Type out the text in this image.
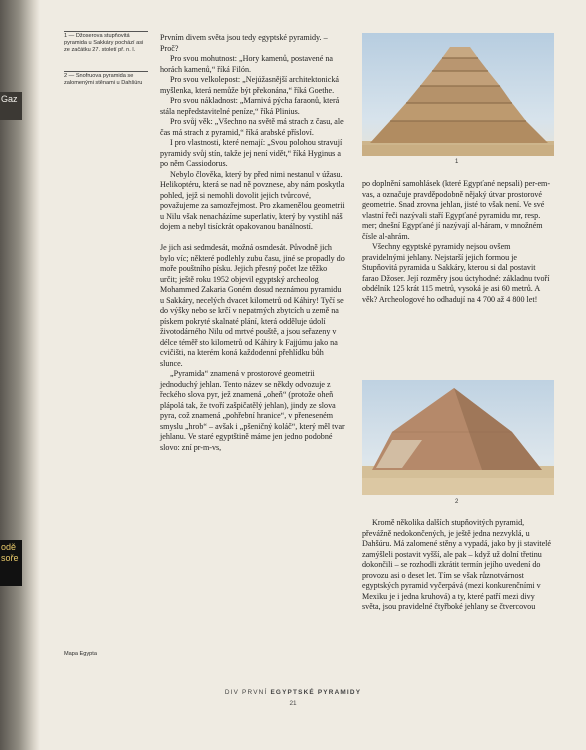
Gaz
odě
soře
1 — Džoserova stupňovitá pyramida u Sakkáry pochází asi ze začátku 27. století př. n. l.
2 — Snofruova pyramida se zalomenými stěnami u Dahšúru
Mapa Egypta

Prvním divem světa jsou tedy egyptské pyramidy. – Proč?

Pro svou mohutnost: „Hory kamenů, postavené na horách kamenů,“ říká Filón.

Pro svou velkolepost: „Nejúžasnější architektonická myšlenka, která nemůže být překonána,“ říká Goethe.

Pro svou nákladnost: „Marnivá pýcha faraonů, která stála nepředstavitelné peníze,“ říká Plinius.

Pro svůj věk: „Všechno na světě má strach z času, ale čas má strach z pyramid,“ říká arabské přísloví.

I pro vlastnosti, které nemají: „Svou polohou stravují pyramidy svůj stín, takže jej není vidět,“ říká Hyginus a po něm Cassiodorus.

Nebylo člověka, který by před nimi nestanul v úžasu. Helikoptéru, která se nad ně povznese, aby nám poskytla pohled, jejž si nemohli dovolit jejich tvůrcové, považujeme za samozřejmost. Pro zkamenělou geometrii u Nilu však nenacházíme superlativ, který by vystihl náš dojem a nebyl tisíckrát opakovanou banálností.

Je jich asi sedmdesát, možná osmdesát. Původně jich bylo víc; některé podlehly zubu času, jiné se propadly do moře pouštního písku. Jejich přesný počet lze těžko určit; ještě roku 1952 objevil egyptský archeolog Mohammed Zakaria Goném dosud neznámou pyramidu u Sakkáry, necelých dvacet kilometrů od Káhiry! Tyčí se do výšky nebo se krčí v nepatrných zbytcích u země na pískem pokryté skalnaté plání, která odděluje údolí životodárného Nilu od mrtvé pouště, a jsou seřazeny v délce téměř sto kilometrů od Káhiry k Fajjúmu jako na cvičišti, na kterém koná každodenní přehlídku bůh slunce.

„Pyramida“ znamená v prostorové geometrii jednoduchý jehlan. Tento název se někdy odvozuje z řeckého slova pyr, jež znamená „oheň“ (protože oheň plápolá tak, že tvoří zašpičatělý jehlan), jindy ze slova pyra, což znamená „pohřební hranice“, v přeneseném smyslu „hrob“ – avšak i „pšeničný koláč“, který měl tvar jehlanu. Ve staré egyptštině máme jen jedno podobné slovo: zní pr-m-vs,

1

po doplnění samohlásek (které Egypťané nepsali) per-em-vas, a označuje pravděpodobně nějaký útvar prostorové geometrie. Snad zrovna jehlan, jisté to však není. Ve své vlastní řeči nazývali staří Egypťané pyramidu mr, resp. mer; dnešní Egypťané jí nazývají al-háram, v množném čísle al-ahrám.

Všechny egyptské pyramidy nejsou ovšem pravidelnými jehlany. Nejstarší jejich formou je Stupňovitá pyramida u Sakkáry, kterou si dal postavit farao Džoser. Její rozměry jsou úctyhodné: základnu tvoří obdélník 125 krát 115 metrů, vysoká je asi 60 metrů. A věk? Archeologové ho odhadují na 4 700 až 4 800 let!

2

Kromě několika dalších stupňovitých pyramid, převážně nedokončených, je ještě jedna nezvyklá, u Dahšúru. Má zalomené stěny a vypadá, jako by ji stavitelé zamýšleli postavit vyšší, ale pak – když už dolní třetinu dokončili – se rozhodli zkrátit termín jejího uvedení do provozu asi o deset let. Tím se však různotvárnost egyptských pyramid vyčerpává (mezi konkurenčními v Mexiku je i jedna kruhová) a ty, které patří mezi divy světa, jsou pravidelné čtyřboké jehlany se čtvercovou

DIV PRVNÍ EGYPTSKÉ PYRAMIDY
21
